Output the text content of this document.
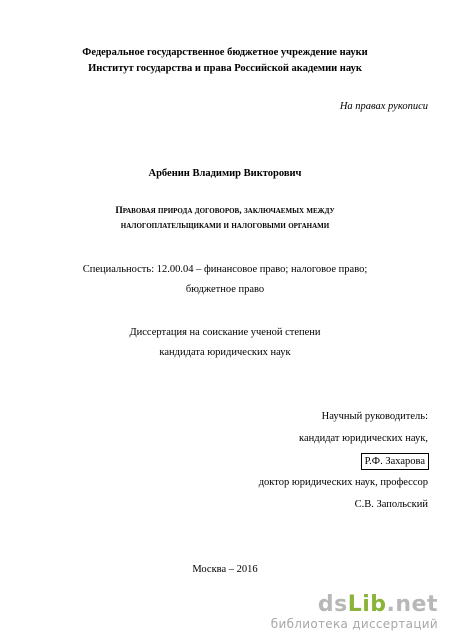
Федеральное государственное бюджетное учреждение науки
Институт государства и права Российской академии наук
На правах рукописи
Арбенин Владимир Викторович
Правовая природа договоров, заключаемых между
налогоплательщиками и налоговыми органами
Специальность: 12.00.04 – финансовое право; налоговое право;
бюджетное право
Диссертация на соискание ученой степени
кандидата юридических наук
Научный руководитель:
кандидат юридических наук,
Р.Ф. Захарова
доктор юридических наук, профессор
С.В. Запольский
Москва – 2016
dsLib.net
библиотека диссертаций
